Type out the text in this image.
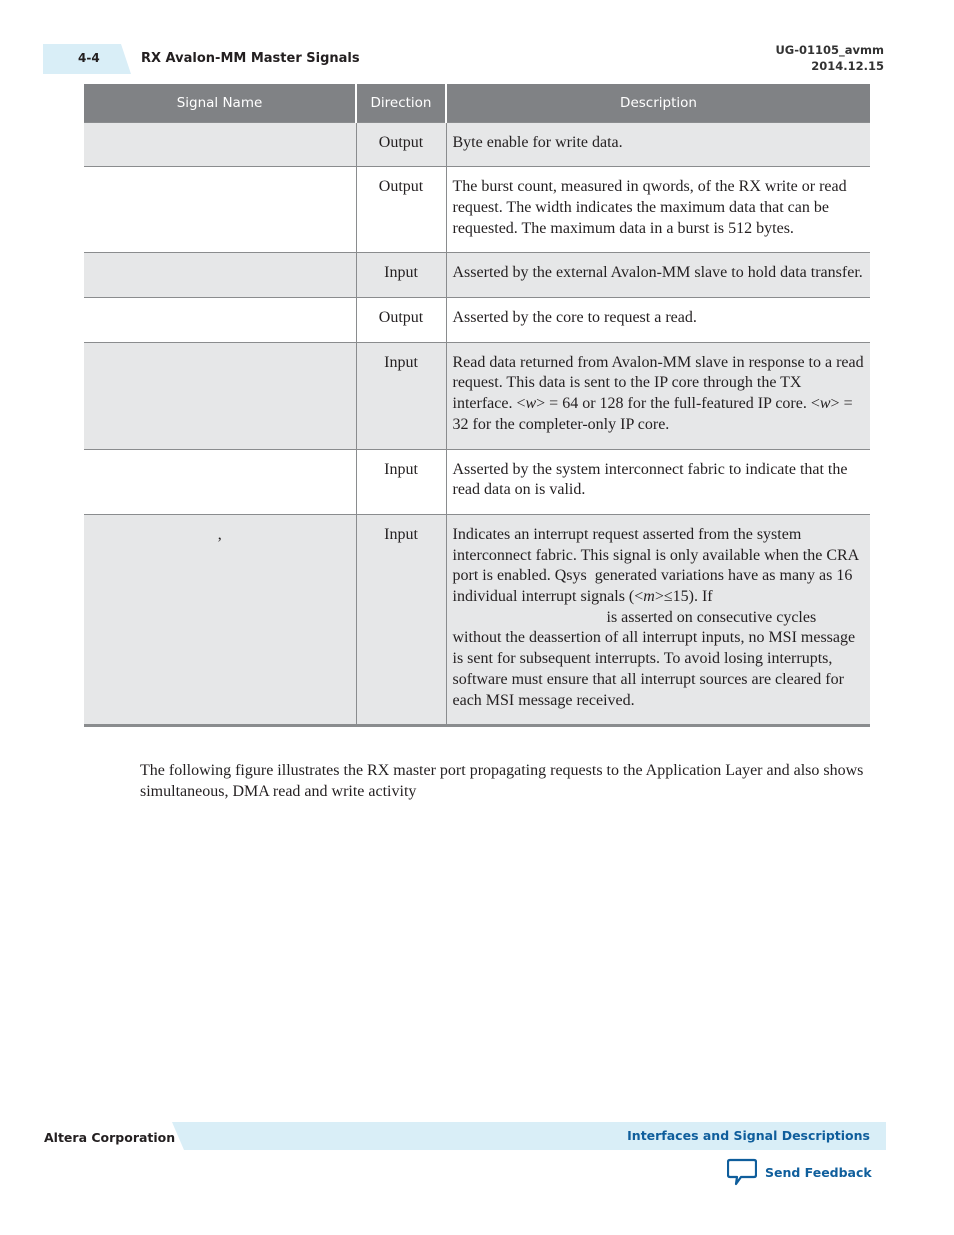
4-4	RX Avalon-MM Master Signals
UG-01105_avmm
2014.12.15
Signal Name	Direction	Description
	Output	Byte enable for write data.
	Output	The burst count, measured in qwords, of the RX write or read request. The width indicates the maximum data that can be requested. The maximum data in a burst is 512 bytes.
	Input	Asserted by the external Avalon-MM slave to hold data transfer.
	Output	Asserted by the core to request a read.
	Input	Read data returned from Avalon-MM slave in response to a read request. This data is sent to the IP core through the TX interface. <w> = 64 or 128 for the full-featured IP core. <w> = 32 for the completer-only IP core.
	Input	Asserted by the system interconnect fabric to indicate that the read data on is valid.
,	Input	Indicates an interrupt request asserted from the system interconnect fabric. This signal is only available when the CRA port is enabled. Qsys  generated variations have as many as 16 individual interrupt signals (<m>≤15). If  is asserted on consecutive cycles without the deassertion of all interrupt inputs, no MSI message is sent for subsequent interrupts. To avoid losing interrupts, software must ensure that all interrupt sources are cleared for each MSI message received.
The following figure illustrates the RX master port propagating requests to the Application Layer and also shows simultaneous, DMA read and write activity
Altera Corporation	Interfaces and Signal Descriptions
Send Feedback
